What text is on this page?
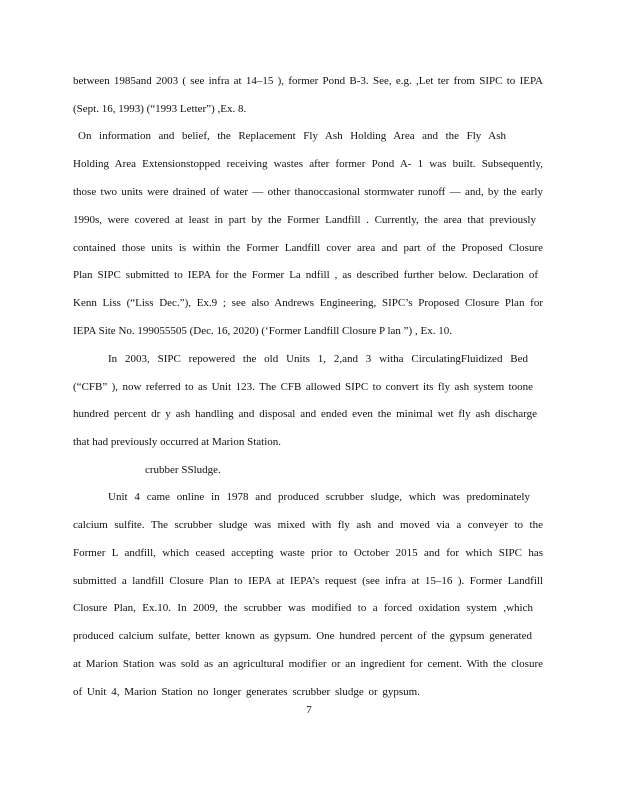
between 1985and 2003 ( see infra at 14–15 ), former Pond B-3. See, e.g. ,Let ter from SIPC to IEPA
(Sept. 16, 1993) (“1993 Letter”) ,Ex. 8.
On information and belief, the Replacement Fly Ash Holding Area and the Fly Ash
Holding Area Extensionstopped receiving wastes after former Pond A- 1 was built. Subsequently,
those two units were drained of water — other thanoccasional stormwater runoff — and, by the early
1990s, were covered at least in part by the Former Landfill . Currently, the area that previously
contained those units is within the Former Landfill cover area and part of the Proposed Closure
Plan SIPC submitted to IEPA for the Former La ndfill , as described further below. Declaration of
Kenn Liss (“Liss Dec.”), Ex.9 ; see also Andrews Engineering, SIPC’s Proposed Closure Plan for
IEPA Site No. 199055505 (Dec. 16, 2020) (‘Former Landfill Closure P lan ”) , Ex. 10.
In 2003, SIPC repowered the old Units 1, 2,and 3 witha CirculatingFluidized Bed
(“CFB” ), now referred to as Unit 123. The CFB allowed SIPC to convert its fly ash system toone
hundred percent dr y ash handling and disposal and ended even the minimal wet fly ash discharge
that had previously occurred at Marion Station.
crubber SSludge.
Unit 4 came online in 1978 and produced scrubber sludge, which was predominately
calcium sulfite. The scrubber sludge was mixed with fly ash and moved via a conveyer to the
Former L andfill, which ceased accepting waste prior to October 2015 and for which SIPC has
submitted a landfill Closure Plan to IEPA at IEPA’s request (see infra at 15–16 ). Former Landfill
Closure Plan, Ex.10. In 2009, the scrubber was modified to a forced oxidation system ,which
produced calcium sulfate, better known as gypsum. One hundred percent of the gypsum generated
at Marion Station was sold as an agricultural modifier or an ingredient for cement. With the closure
of Unit 4, Marion Station no longer generates scrubber sludge or gypsum.
7
